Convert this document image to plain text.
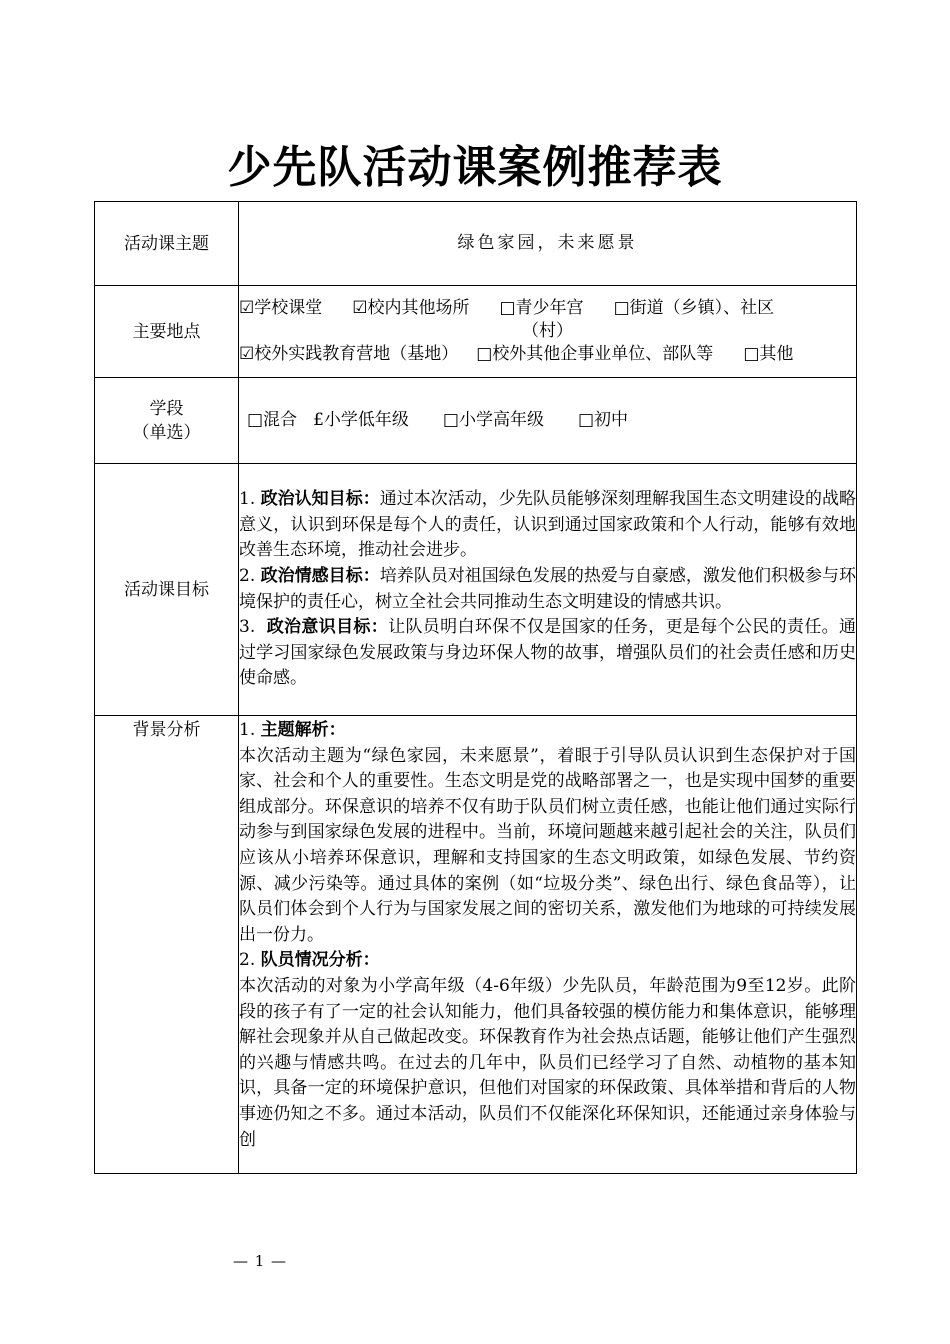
少先队活动课案例推荐表
活动课主题	绿色家园，未来愿景
主要地点	☑学校课堂 ☑校内其他场所 □青少年宫 □街道（乡镇）、社区
（村）
☑校外实践教育营地（基地） □校外其他企事业单位、部队等 □其他

学段
（单选）	□混合 £小学低年级 □小学高年级 □初中
活动课目标	1. 政治认知目标：通过本次活动，少先队员能够深刻理解我国生态文明建设的战略意义，认识到环保是每个人的责任，认识到通过国家政策和个人行动，能够有效地改善生态环境，推动社会进步。

2. 政治情感目标：培养队员对祖国绿色发展的热爱与自豪感，激发他们积极参与环境保护的责任心，树立全社会共同推动生态文明建设的情感共识。

3.  政治意识目标：让队员明白环保不仅是国家的任务，更是每个公民的责任。通过学习国家绿色发展政策与身边环保人物的故事，增强队员们的社会责任感和历史使命感。

背景分析	1. 主题解析：

本次活动主题为“绿色家园，未来愿景”，着眼于引导队员认识到生态保护对于国家、社会和个人的重要性。生态文明是党的战略部署之一，也是实现中国梦的重要组成部分。环保意识的培养不仅有助于队员们树立责任感，也能让他们通过实际行动参与到国家绿色发展的进程中。当前，环境问题越来越引起社会的关注，队员们应该从小培养环保意识，理解和支持国家的生态文明政策，如绿色发展、节约资源、减少污染等。通过具体的案例（如“垃圾分类”、绿色出行、绿色食品等），让队员们体会到个人行为与国家发展之间的密切关系，激发他们为地球的可持续发展出一份力。

2. 队员情况分析：

本次活动的对象为小学高年级（4-6年级）少先队员，年龄范围为9至12岁。此阶段的孩子有了一定的社会认知能力，他们具备较强的模仿能力和集体意识，能够理解社会现象并从自己做起改变。环保教育作为社会热点话题，能够让他们产生强烈的兴趣与情感共鸣。在过去的几年中，队员们已经学习了自然、动植物的基本知识，具备一定的环境保护意识，但他们对国家的环保政策、具体举措和背后的人物事迹仍知之不多。通过本活动，队员们不仅能深化环保知识，还能通过亲身体验与创

— 1 —
